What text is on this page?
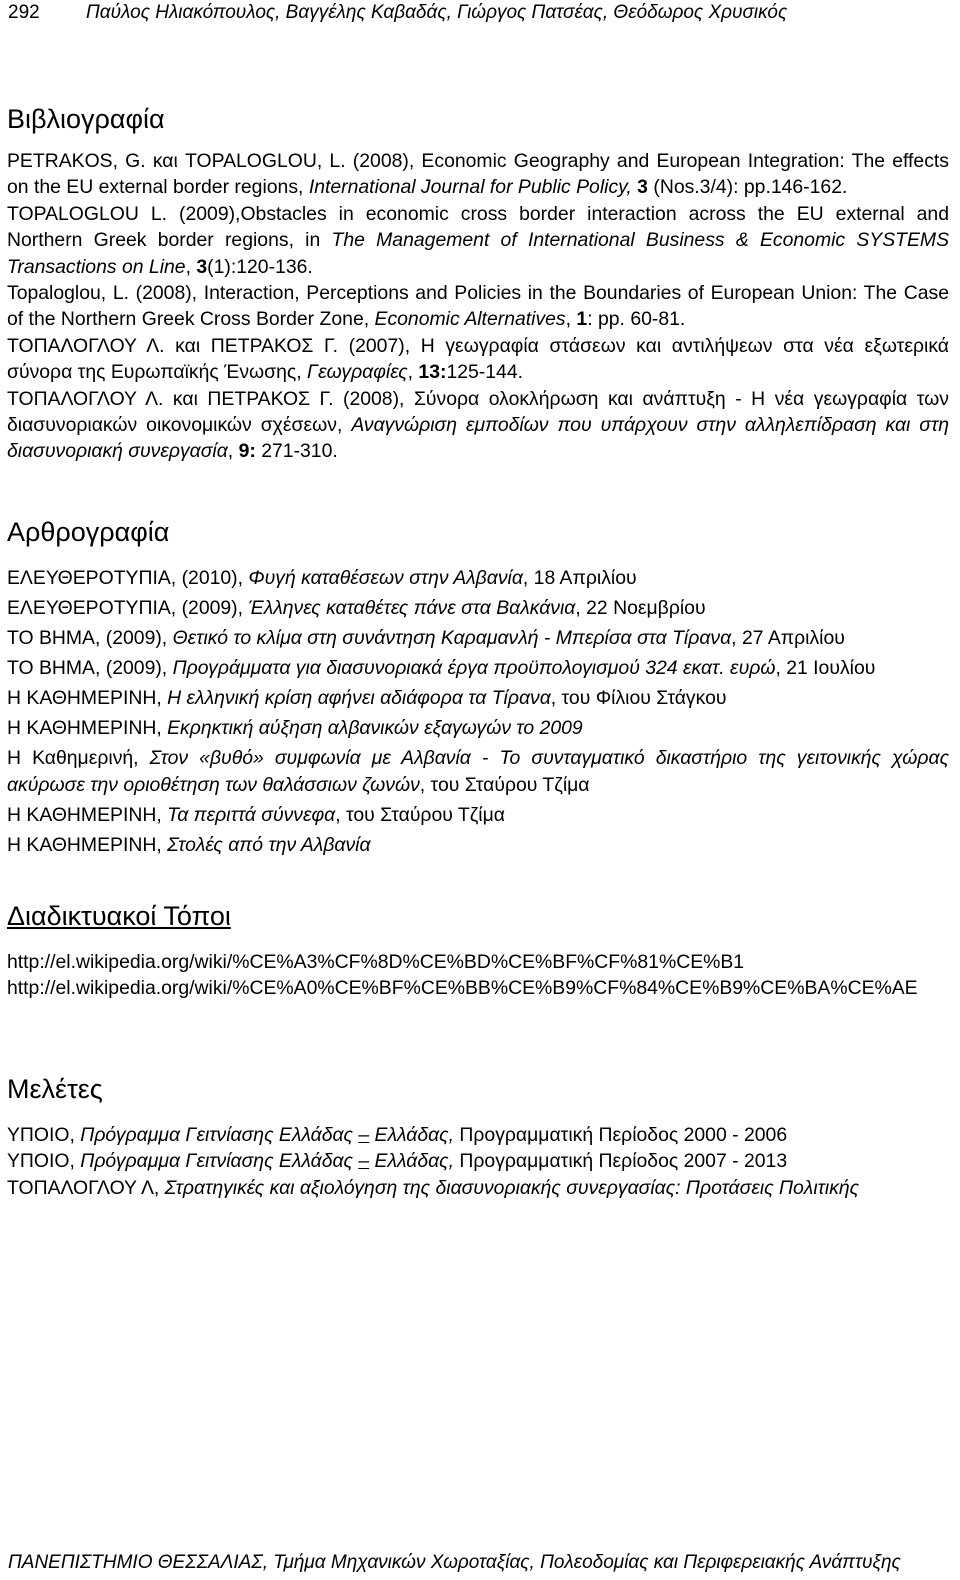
292 Παύλος Ηλιακόπουλος, Βαγγέλης Καβαδάς, Γιώργος Πατσέας, Θεόδωρος Χρυσικός
Βιβλιογραφία

PETRAKOS, G. και TOPALOGLOU, L. (2008), Economic Geography and European Integration: The effects on the EU external border regions, International Journal for Public Policy, 3 (Nos.3/4): pp.146-162.

TOPALOGLOU L. (2009),Obstacles in economic cross border interaction across the EU external and Northern Greek border regions, in The Management of International Business & Economic SYSTEMS Transactions on Line, 3(1):120-136.

Topaloglou, L. (2008), Interaction, Perceptions and Policies in the Boundaries of European Union: The Case of the Northern Greek Cross Border Zone, Economic Alternatives, 1: pp. 60-81.

ΤΟΠΑΛΟΓΛΟΥ Λ. και ΠΕΤΡΑΚΟΣ Γ. (2007), Η γεωγραφία στάσεων και αντιλήψεων στα νέα εξωτερικά σύνορα της Ευρωπαϊκής Ένωσης, Γεωγραφίες, 13:125-144.

ΤΟΠΑΛΟΓΛΟΥ Λ. και ΠΕΤΡΑΚΟΣ Γ. (2008), Σύνορα ολοκλήρωση και ανάπτυξη - Η νέα γεωγραφία των διασυνοριακών οικονομικών σχέσεων, Αναγνώριση εμποδίων που υπάρχουν στην αλληλεπίδραση και στη διασυνοριακή συνεργασία, 9: 271-310.

Αρθρογραφία

ΕΛΕΥΘΕΡΟΤΥΠΙΑ, (2010), Φυγή καταθέσεων στην Αλβανία, 18 Απριλίου

ΕΛΕΥΘΕΡΟΤΥΠΙΑ, (2009), Έλληνες καταθέτες πάνε στα Βαλκάνια, 22 Νοεμβρίου

ΤΟ ΒΗΜΑ, (2009), Θετικό το κλίμα στη συνάντηση Καραμανλή - Μπερίσα στα Τίρανα, 27 Απριλίου

ΤΟ ΒΗΜΑ, (2009), Προγράμματα για διασυνοριακά έργα προϋπολογισμού 324 εκατ. ευρώ, 21 Ιουλίου

Η ΚΑΘΗΜΕΡΙΝΗ, Η ελληνική κρίση αφήνει αδιάφορα τα Τίρανα, του Φίλιου Στάγκου

Η ΚΑΘΗΜΕΡΙΝΗ, Εκρηκτική αύξηση αλβανικών εξαγωγών το 2009

Η Καθημερινή, Στον «βυθό» συμφωνία με Αλβανία - Το συνταγματικό δικαστήριο της γειτονικής χώρας ακύρωσε την οριοθέτηση των θαλάσσιων ζωνών, του Σταύρου Τζίμα

Η ΚΑΘΗΜΕΡΙΝΗ, Τα περιττά σύννεφα, του Σταύρου Τζίμα

Η ΚΑΘΗΜΕΡΙΝΗ, Στολές από την Αλβανία

Διαδικτυακοί Τόποι

http://el.wikipedia.org/wiki/%CE%A3%CF%8D%CE%BD%CE%BF%CF%81%CE%B1

http://el.wikipedia.org/wiki/%CE%A0%CE%BF%CE%BB%CE%B9%CF%84%CE%B9%CE%BA%CE%AE

Μελέτες

ΥΠΟΙΟ, Πρόγραμμα Γειτνίασης Ελλάδας – Ελλάδας, Προγραμματική Περίοδος 2000 - 2006

ΥΠΟΙΟ, Πρόγραμμα Γειτνίασης Ελλάδας – Ελλάδας, Προγραμματική Περίοδος 2007 - 2013

ΤΟΠΑΛΟΓΛΟΥ Λ, Στρατηγικές και αξιολόγηση της διασυνοριακής συνεργασίας: Προτάσεις Πολιτικής

ΠΑΝΕΠΙΣΤΗΜΙΟ ΘΕΣΣΑΛΙΑΣ, Τμήμα Μηχανικών Χωροταξίας, Πολεοδομίας και Περιφερειακής Ανάπτυξης
